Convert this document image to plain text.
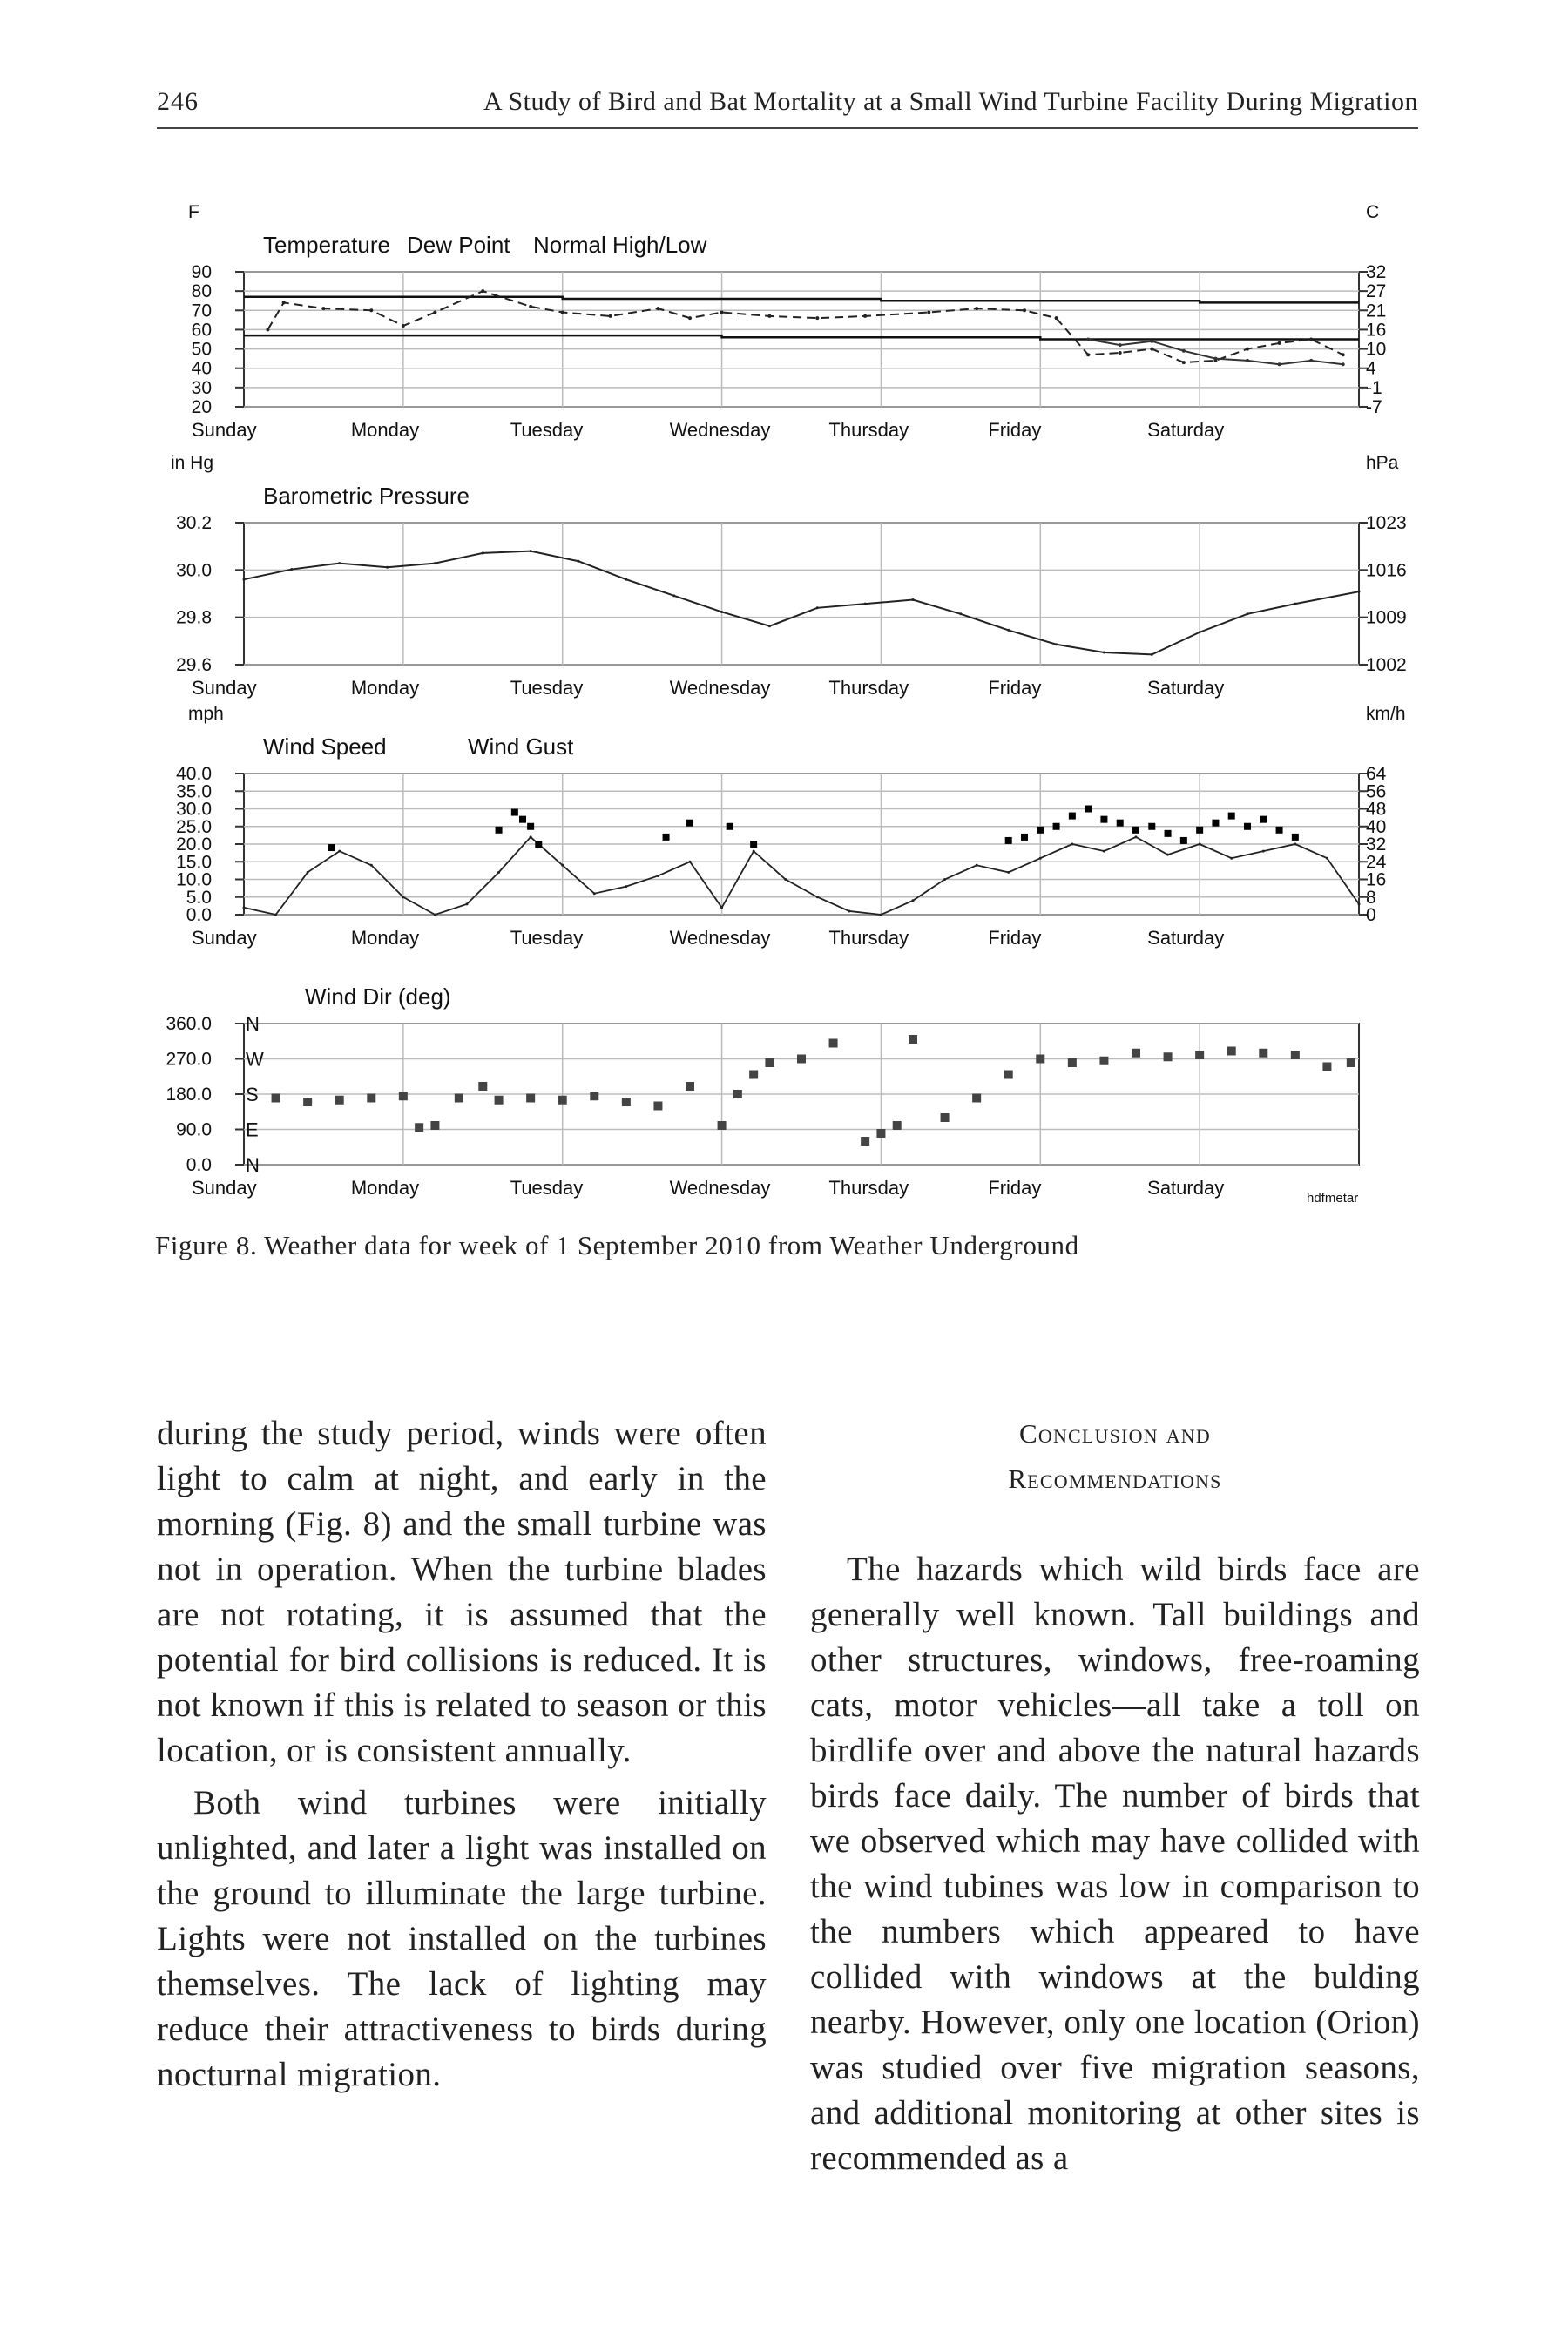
246	A Study of Bird and Bat Mortality at a Small Wind Turbine Facility During Migration
90
80
70
60
50
40
30
20
32
27
21
16
10
4
-1
-7
F	C
Temperature Dew Point Normal High/Low
Sunday	Monday	Tuesday	Wednesday	Thursday	Friday	Saturday
30.2
30.0
29.8
29.6
1023
1016
1009
1002
in Hg	hPa
Barometric Pressure
Sunday	Monday	Tuesday	Wednesday	Thursday	Friday	Saturday
40.0
35.0
30.0
25.0
20.0
15.0
10.0
5.0
0.0
64
56
48
40
32
24
16
8
0
mph	km/h
Wind Speed	Wind Gust
Sunday	Monday	Tuesday	Wednesday	Thursday	Friday	Saturday
360.0
270.0
180.0
90.0
0.0
N
W
S
E
N
Wind Dir (deg)
Sunday	Monday	Tuesday	Wednesday	Thursday	Friday	Saturday	hdfmetar
Figure 8. Weather data for week of 1 September 2010 from Weather Underground

during the study period, winds were often light to calm at night, and early in the morning (Fig. 8) and the small turbine was not in operation. When the turbine blades are not rotating, it is assumed that the potential for bird collisions is reduced. It is not known if this is related to season or this location, or is consistent annually.

Both wind turbines were initially unlighted, and later a light was installed on the ground to illuminate the large turbine. Lights were not installed on the turbines themselves. The lack of lighting may reduce their attractiveness to birds during nocturnal migration.

Conclusion and
Recommendations

The hazards which wild birds face are generally well known. Tall buildings and other structures, windows, free-roaming cats, motor vehicles—all take a toll on birdlife over and above the natural hazards birds face daily. The number of birds that we observed which may have collided with the wind tubines was low in comparison to the numbers which appeared to have collided with windows at the bulding nearby. However, only one location (Orion) was studied over five migration seasons, and additional monitoring at other sites is recommended as a
